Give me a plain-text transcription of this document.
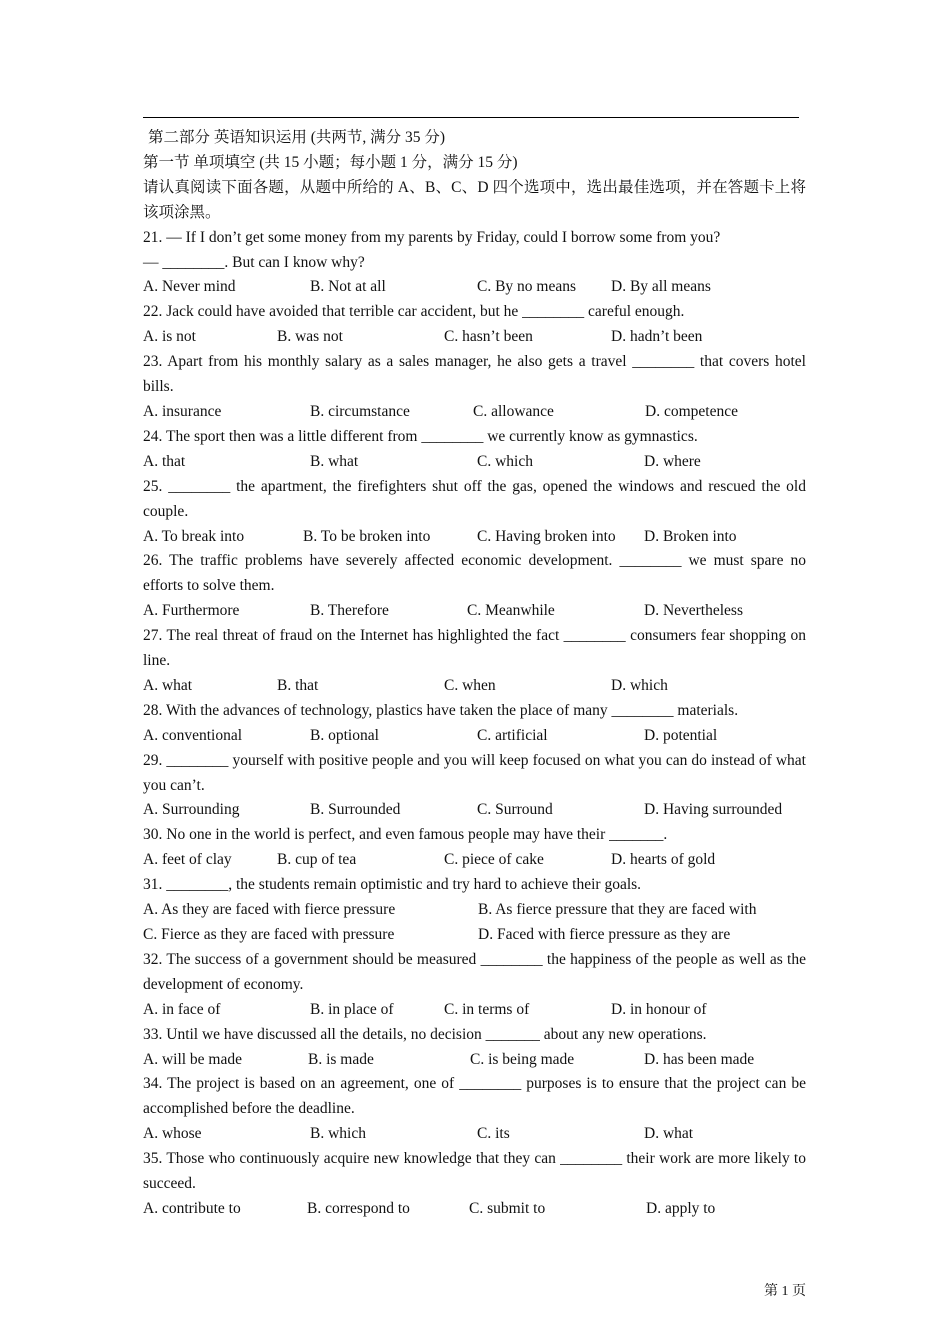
第二部分 英语知识运用 (共两节, 满分 35 分)

第一节 单项填空 (共 15 小题；每小题 1 分，满分 15 分)

请认真阅读下面各题，从题中所给的 A、B、C、D 四个选项中，选出最佳选项，并在答题卡上将该项涂黑。

21. — If I don’t get some money from my parents by Friday, could I borrow some from you?

— ________. But can I know why?

A. Never mind	B. Not at all	C. By no means	D. By all means

22. Jack could have avoided that terrible car accident, but he ________ careful enough.

A. is not	B. was not	C. hasn’t been	D. hadn’t been

23. Apart from his monthly salary as a sales manager, he also gets a travel ________ that covers hotel bills.

A. insurance	B. circumstance	C. allowance	D. competence

24. The sport then was a little different from ________ we currently know as gymnastics.

A. that	B. what	C. which	D. where

25. ________ the apartment, the firefighters shut off the gas, opened the windows and rescued the old couple.

A. To break into	B. To be broken into	C. Having broken into	D. Broken into

26. The traffic problems have severely affected economic development. ________ we must spare no efforts to solve them.

A. Furthermore	B. Therefore	C. Meanwhile	D. Nevertheless

27. The real threat of fraud on the Internet has highlighted the fact ________ consumers fear shopping on line.

A. what	B. that	C. when	D. which

28. With the advances of technology, plastics have taken the place of many ________ materials.

A. conventional	B. optional	C. artificial	D. potential

29. ________ yourself with positive people and you will keep focused on what you can do instead of what you can’t.

A. Surrounding	B. Surrounded	C. Surround	D. Having surrounded

30. No one in the world is perfect, and even famous people may have their _______.

A. feet of clay	B. cup of tea	C. piece of cake	D. hearts of gold

31. ________, the students remain optimistic and try hard to achieve their goals.

A. As they are faced with fierce pressure	B. As fierce pressure that they are faced with
C. Fierce as they are faced with pressure	D. Faced with fierce pressure as they are

32. The success of a government should be measured ________ the happiness of the people as well as the development of economy.

A. in face of	B. in place of	C. in terms of	D. in honour of

33. Until we have discussed all the details, no decision _______ about any new operations.

A. will be made	B. is made	C. is being made	D. has been made

34. The project is based on an agreement, one of ________ purposes is to ensure that the project can be accomplished before the deadline.

A. whose	B. which	C. its	D. what

35. Those who continuously acquire new knowledge that they can ________ their work are more likely to succeed.

A. contribute to	B. correspond to	C. submit to	D. apply to
第 1 页
